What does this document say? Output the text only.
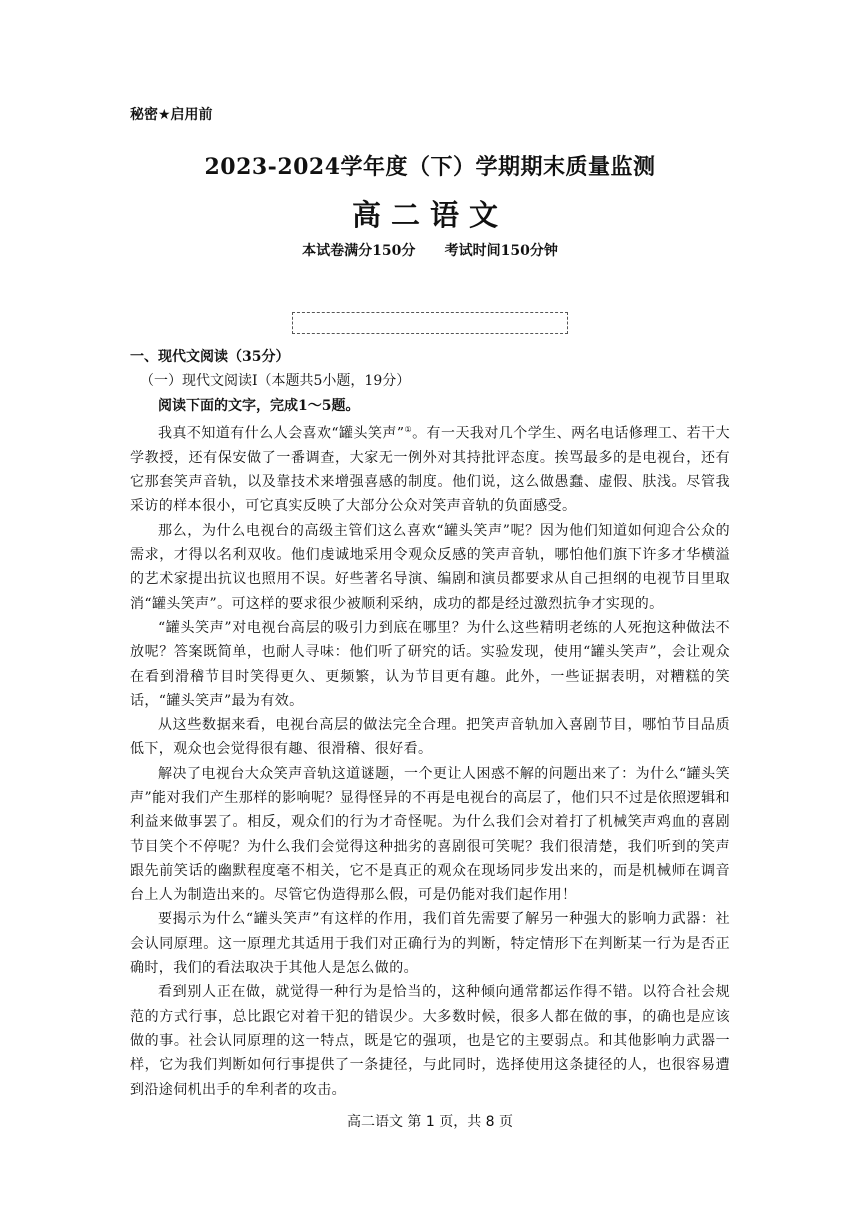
秘密★启用前
2023-2024学年度（下）学期期末质量监测
高二语文
本试卷满分150分      考试时间150分钟
一、现代文阅读（35分）
（一）现代文阅读Ⅰ（本题共5小题，19分）
阅读下面的文字，完成1～5题。

我真不知道有什么人会喜欢“罐头笑声”①。有一天我对几个学生、两名电话修理工、若干大学教授，还有保安做了一番调查，大家无一例外对其持批评态度。挨骂最多的是电视台，还有它那套笑声音轨，以及靠技术来增强喜感的制度。他们说，这么做愚蠢、虚假、肤浅。尽管我采访的样本很小，可它真实反映了大部分公众对笑声音轨的负面感受。

那么，为什么电视台的高级主管们这么喜欢“罐头笑声”呢？因为他们知道如何迎合公众的需求，才得以名利双收。他们虔诚地采用令观众反感的笑声音轨，哪怕他们旗下许多才华横溢的艺术家提出抗议也照用不误。好些著名导演、编剧和演员都要求从自己担纲的电视节目里取消“罐头笑声”。可这样的要求很少被顺利采纳，成功的都是经过激烈抗争才实现的。

“罐头笑声”对电视台高层的吸引力到底在哪里？为什么这些精明老练的人死抱这种做法不放呢？答案既简单，也耐人寻味：他们听了研究的话。实验发现，使用“罐头笑声”，会让观众在看到滑稽节目时笑得更久、更频繁，认为节目更有趣。此外，一些证据表明，对糟糕的笑话，“罐头笑声”最为有效。

从这些数据来看，电视台高层的做法完全合理。把笑声音轨加入喜剧节目，哪怕节目品质低下，观众也会觉得很有趣、很滑稽、很好看。

解决了电视台大众笑声音轨这道谜题，一个更让人困惑不解的问题出来了：为什么“罐头笑声”能对我们产生那样的影响呢？显得怪异的不再是电视台的高层了，他们只不过是依照逻辑和利益来做事罢了。相反，观众们的行为才奇怪呢。为什么我们会对着打了机械笑声鸡血的喜剧节目笑个不停呢？为什么我们会觉得这种拙劣的喜剧很可笑呢？我们很清楚，我们听到的笑声跟先前笑话的幽默程度毫不相关，它不是真正的观众在现场同步发出来的，而是机械师在调音台上人为制造出来的。尽管它伪造得那么假，可是仍能对我们起作用！

要揭示为什么“罐头笑声”有这样的作用，我们首先需要了解另一种强大的影响力武器：社会认同原理。这一原理尤其适用于我们对正确行为的判断，特定情形下在判断某一行为是否正确时，我们的看法取决于其他人是怎么做的。

看到别人正在做，就觉得一种行为是恰当的，这种倾向通常都运作得不错。以符合社会规范的方式行事，总比跟它对着干犯的错误少。大多数时候，很多人都在做的事，的确也是应该做的事。社会认同原理的这一特点，既是它的强项，也是它的主要弱点。和其他影响力武器一样，它为我们判断如何行事提供了一条捷径，与此同时，选择使用这条捷径的人，也很容易遭到沿途伺机出手的牟利者的攻击。

高二语文 第 1 页，共 8 页
